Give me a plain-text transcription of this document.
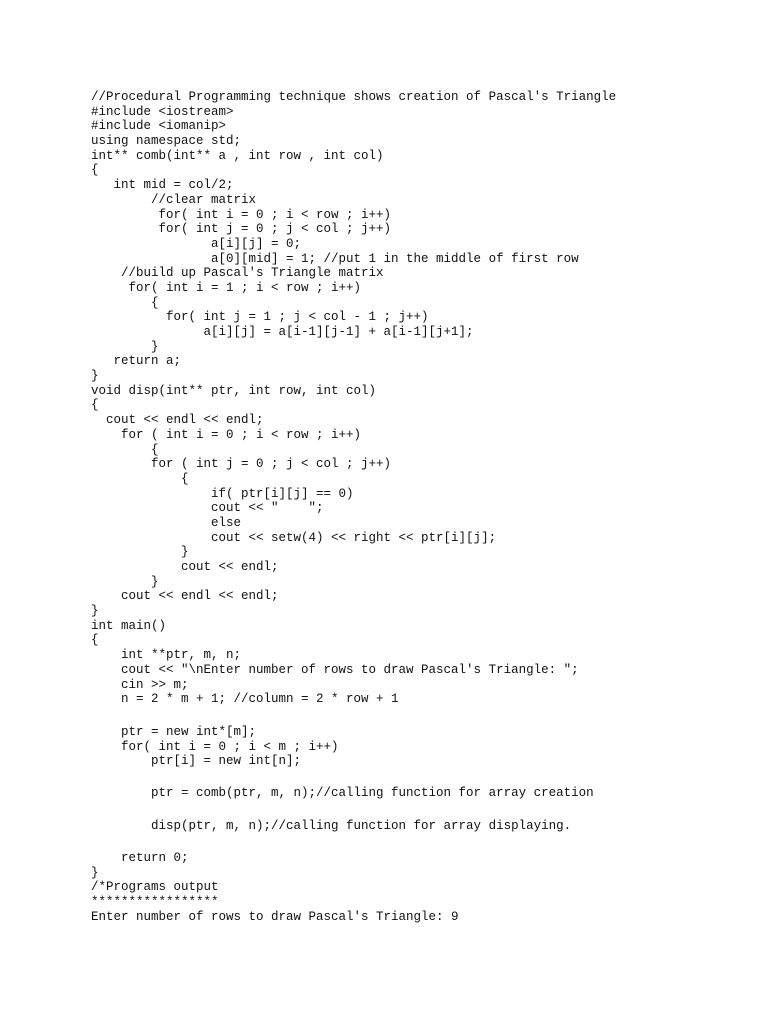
//Procedural Programming technique shows creation of Pascal's Triangle
#include <iostream>
#include <iomanip>
using namespace std;
int** comb(int** a , int row , int col)
{
int mid = col/2;
//clear matrix
for( int i = 0 ; i < row ; i++)
for( int j = 0 ; j < col ; j++)
a[i][j] = 0;
a[0][mid] = 1; //put 1 in the middle of first row
//build up Pascal's Triangle matrix
for( int i = 1 ; i < row ; i++)
{
for( int j = 1 ; j < col - 1 ; j++)
a[i][j] = a[i-1][j-1] + a[i-1][j+1];
}
return a;
}
void disp(int** ptr, int row, int col)
{
cout << endl << endl;
for ( int i = 0 ; i < row ; i++)
{
for ( int j = 0 ; j < col ; j++)
{
if( ptr[i][j] == 0)
cout << "    ";
else
cout << setw(4) << right << ptr[i][j];
}
cout << endl;
}
cout << endl << endl;
}
int main()
{
int **ptr, m, n;
cout << "\nEnter number of rows to draw Pascal's Triangle: ";
cin >> m;
n = 2 * m + 1; //column = 2 * row + 1
ptr = new int*[m];
for( int i = 0 ; i < m ; i++)
ptr[i] = new int[n];
ptr = comb(ptr, m, n);//calling function for array creation
disp(ptr, m, n);//calling function for array displaying.
return 0;
}
/*Programs output
*****************
Enter number of rows to draw Pascal's Triangle: 9
